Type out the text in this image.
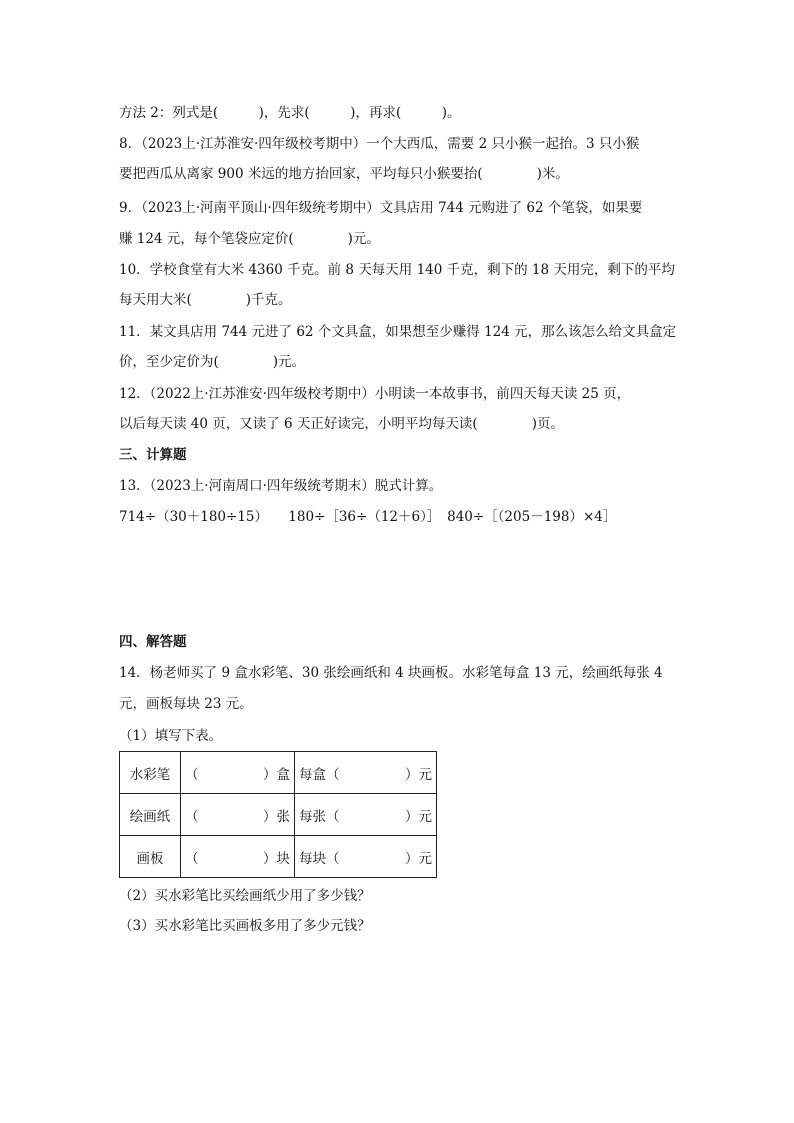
方法 2：列式是(　　　)，先求(　　　)，再求(　　　)。
8．（2023上·江苏淮安·四年级校考期中）一个大西瓜，需要 2 只小猴一起抬。3 只小猴
要把西瓜从离家 900 米远的地方抬回家，平均每只小猴要抬(　　　　)米。
9．（2023上·河南平顶山·四年级统考期中）文具店用 744 元购进了 62 个笔袋，如果要
赚 124 元，每个笔袋应定价(　　　　)元。
10．学校食堂有大米 4360 千克。前 8 天每天用 140 千克，剩下的 18 天用完，剩下的平均
每天用大米(　　　　)千克。
11．某文具店用 744 元进了 62 个文具盒，如果想至少赚得 124 元，那么该怎么给文具盒定
价，至少定价为(　　　　)元。
12．（2022上·江苏淮安·四年级校考期中）小明读一本故事书，前四天每天读 25 页，
以后每天读 40 页，又读了 6 天正好读完，小明平均每天读(　　　　)页。
三、计算题
13．（2023上·河南周口·四年级统考期末）脱式计算。
714÷（30＋180÷15）　　180÷［36÷（12＋6）］　840÷［（205－198）×4］
四、解答题
14．杨老师买了 9 盒水彩笔、30 张绘画纸和 4 块画板。水彩笔每盒 13 元，绘画纸每张 4
元，画板每块 23 元。
（1）填写下表。
水彩笔	（ ）盒	每盒（ ）元

绘画纸	（ ）张	每张（ ）元

画板	（ ）块	每块（ ）元
（2）买水彩笔比买绘画纸少用了多少钱？
（3）买水彩笔比买画板多用了多少元钱？
